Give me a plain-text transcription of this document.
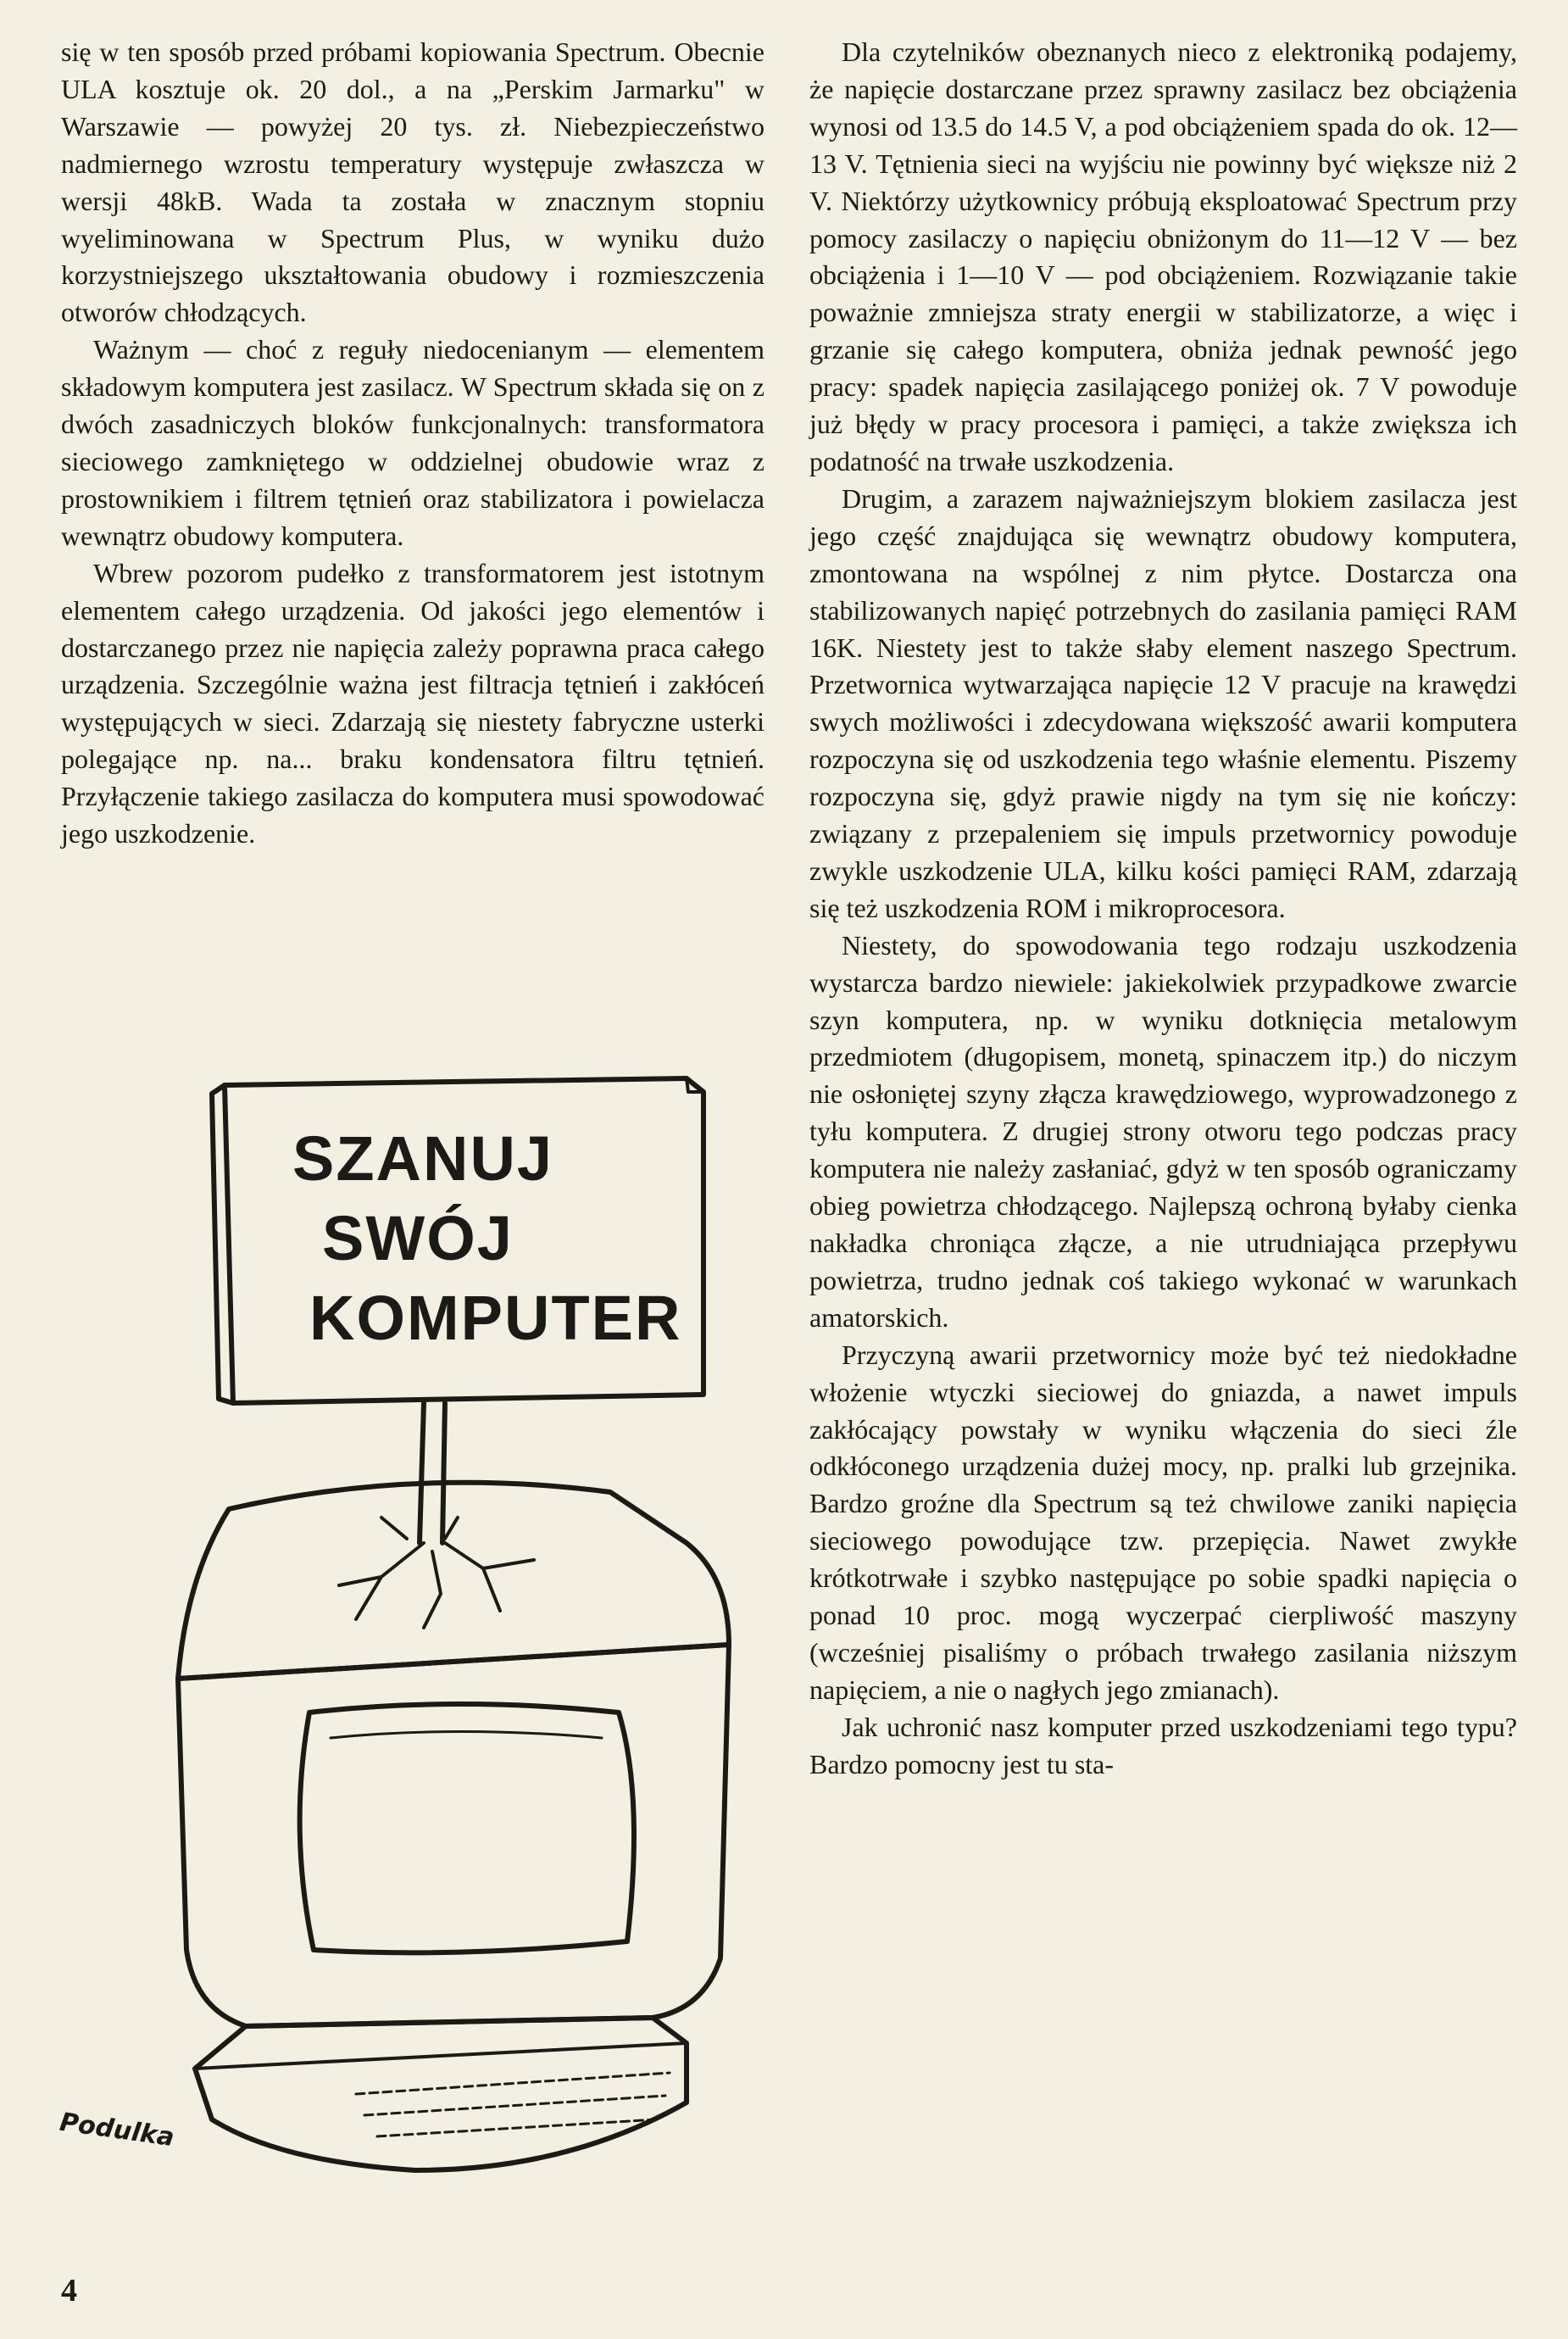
się w ten sposób przed próbami kopiowania Spectrum. Obecnie ULA kosztuje ok. 20 dol., a na „Perskim Jarmarku" w Warszawie — powyżej 20 tys. zł. Niebezpieczeństwo nadmiernego wzrostu temperatury występuje zwłaszcza w wersji 48kB. Wada ta została w znacznym stopniu wyeliminowana w Spectrum Plus, w wyniku dużo korzystniejszego ukształtowania obudowy i rozmieszczenia otworów chłodzących.

Ważnym — choć z reguły niedocenianym — elementem składowym komputera jest zasilacz. W Spectrum składa się on z dwóch zasadniczych bloków funkcjonalnych: transformatora sieciowego zamkniętego w oddzielnej obudowie wraz z prostownikiem i filtrem tętnień oraz stabilizatora i powielacza wewnątrz obudowy komputera.

Wbrew pozorom pudełko z transformatorem jest istotnym elementem całego urządzenia. Od jakości jego elementów i dostarczanego przez nie napięcia zależy poprawna praca całego urządzenia. Szczególnie ważna jest filtracja tętnień i zakłóceń występujących w sieci. Zdarzają się niestety fabryczne usterki polegające np. na... braku kondensatora filtru tętnień. Przyłączenie takiego zasilacza do komputera musi spowodować jego uszkodzenie.

SZANUJ
SWÓJ
KOMPUTER
Podulka

Dla czytelników obeznanych nieco z elektroniką podajemy, że napięcie dostarczane przez sprawny zasilacz bez obciążenia wynosi od 13.5 do 14.5 V, a pod obciążeniem spada do ok. 12—13 V. Tętnienia sieci na wyjściu nie powinny być większe niż 2 V. Niektórzy użytkownicy próbują eksploatować Spectrum przy pomocy zasilaczy o napięciu obniżonym do 11—12 V — bez obciążenia i 1—10 V — pod obciążeniem. Rozwiązanie takie poważnie zmniejsza straty energii w stabilizatorze, a więc i grzanie się całego komputera, obniża jednak pewność jego pracy: spadek napięcia zasilającego poniżej ok. 7 V powoduje już błędy w pracy procesora i pamięci, a także zwiększa ich podatność na trwałe uszkodzenia.

Drugim, a zarazem najważniejszym blokiem zasilacza jest jego część znajdująca się wewnątrz obudowy komputera, zmontowana na wspólnej z nim płytce. Dostarcza ona stabilizowanych napięć potrzebnych do zasilania pamięci RAM 16K. Niestety jest to także słaby element naszego Spectrum. Przetwornica wytwarzająca napięcie 12 V pracuje na krawędzi swych możliwości i zdecydowana większość awarii komputera rozpoczyna się od uszkodzenia tego właśnie elementu. Piszemy rozpoczyna się, gdyż prawie nigdy na tym się nie kończy: związany z przepaleniem się impuls przetwornicy powoduje zwykle uszkodzenie ULA, kilku kości pamięci RAM, zdarzają się też uszkodzenia ROM i mikroprocesora.

Niestety, do spowodowania tego rodzaju uszkodzenia wystarcza bardzo niewiele: jakiekolwiek przypadkowe zwarcie szyn komputera, np. w wyniku dotknięcia metalowym przedmiotem (długopisem, monetą, spinaczem itp.) do niczym nie osłoniętej szyny złącza krawędziowego, wyprowadzonego z tyłu komputera. Z drugiej strony otworu tego podczas pracy komputera nie należy zasłaniać, gdyż w ten sposób ograniczamy obieg powietrza chłodzącego. Najlepszą ochroną byłaby cienka nakładka chroniąca złącze, a nie utrudniająca przepływu powietrza, trudno jednak coś takiego wykonać w warunkach amatorskich.

Przyczyną awarii przetwornicy może być też niedokładne włożenie wtyczki sieciowej do gniazda, a nawet impuls zakłócający powstały w wyniku włączenia do sieci źle odkłóconego urządzenia dużej mocy, np. pralki lub grzejnika. Bardzo groźne dla Spectrum są też chwilowe zaniki napięcia sieciowego powodujące tzw. przepięcia. Nawet zwykłe krótkotrwałe i szybko następujące po sobie spadki napięcia o ponad 10 proc. mogą wyczerpać cierpliwość maszyny (wcześniej pisaliśmy o próbach trwałego zasilania niższym napięciem, a nie o nagłych jego zmianach).

Jak uchronić nasz komputer przed uszkodzeniami tego typu? Bardzo pomocny jest tu sta-

4
